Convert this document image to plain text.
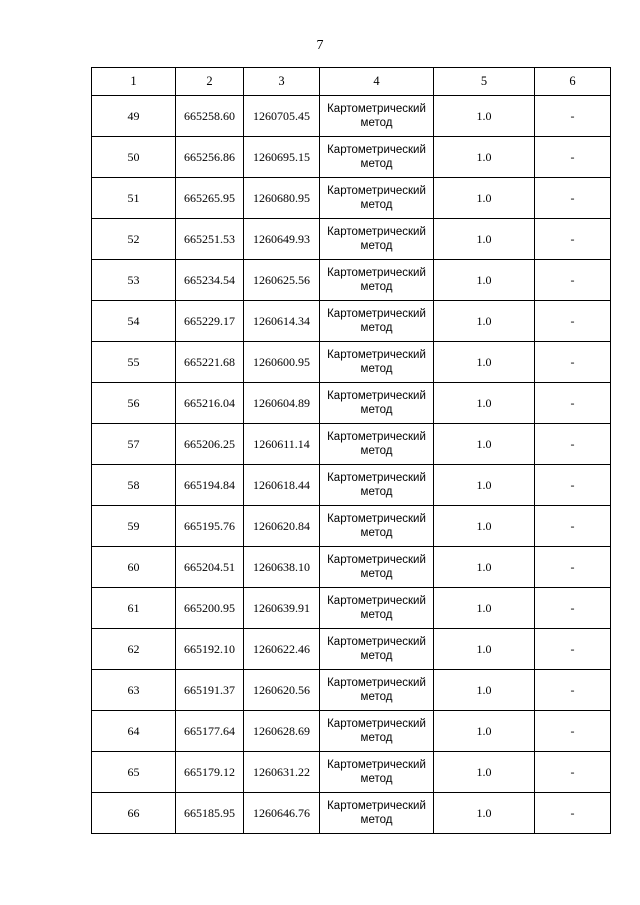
7
1	2	3	4	5	6
49	665258.60	1260705.45	Картометрический метод	1.0	-
50	665256.86	1260695.15	Картометрический метод	1.0	-
51	665265.95	1260680.95	Картометрический метод	1.0	-
52	665251.53	1260649.93	Картометрический метод	1.0	-
53	665234.54	1260625.56	Картометрический метод	1.0	-
54	665229.17	1260614.34	Картометрический метод	1.0	-
55	665221.68	1260600.95	Картометрический метод	1.0	-
56	665216.04	1260604.89	Картометрический метод	1.0	-
57	665206.25	1260611.14	Картометрический метод	1.0	-
58	665194.84	1260618.44	Картометрический метод	1.0	-
59	665195.76	1260620.84	Картометрический метод	1.0	-
60	665204.51	1260638.10	Картометрический метод	1.0	-
61	665200.95	1260639.91	Картометрический метод	1.0	-
62	665192.10	1260622.46	Картометрический метод	1.0	-
63	665191.37	1260620.56	Картометрический метод	1.0	-
64	665177.64	1260628.69	Картометрический метод	1.0	-
65	665179.12	1260631.22	Картометрический метод	1.0	-
66	665185.95	1260646.76	Картометрический метод	1.0	-
